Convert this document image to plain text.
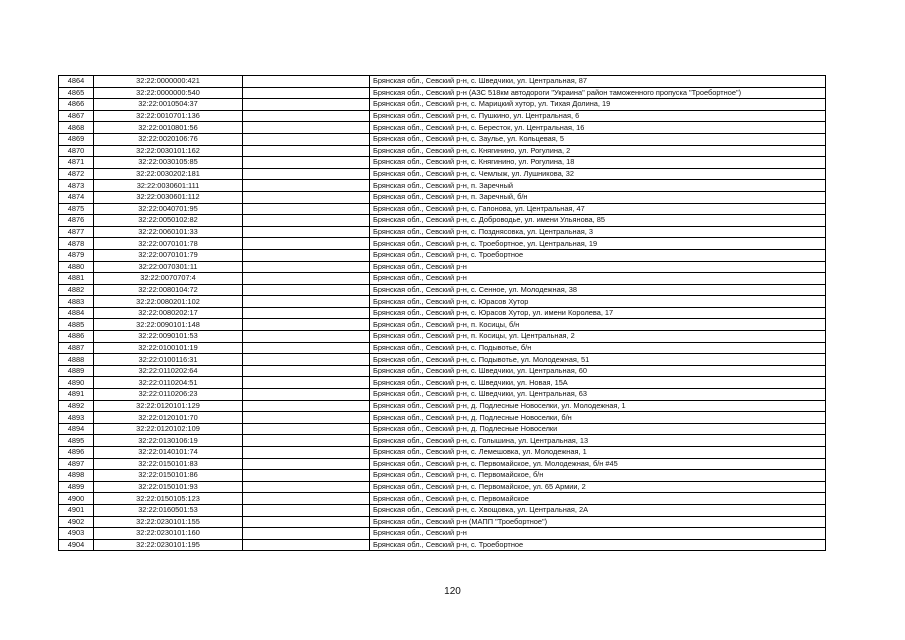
4864	32:22:0000000:421		Брянская обл., Севский р-н, с. Шведчики, ул. Центральная, 87
4865	32:22:0000000:540		Брянская обл., Севский р-н (АЗС 518км автодороги "Украина" район таможенного пропуска "Троебортное")
4866	32:22:0010504:37		Брянская обл., Севский р-н, с. Марицкий хутор, ул. Тихая Долина, 19
4867	32:22:0010701:136		Брянская обл., Севский р-н, с. Пушкино, ул. Центральная, 6
4868	32:22:0010801:56		Брянская обл., Севский р-н, с. Бересток, ул. Центральная, 16
4869	32:22:0020106:76		Брянская обл., Севский р-н, с. Заулье, ул. Кольцевая, 5
4870	32:22:0030101:162		Брянская обл., Севский р-н, с. Княгинино, ул. Рогулина, 2
4871	32:22:0030105:85		Брянская обл., Севский р-н, с. Княгинино, ул. Рогулина, 18
4872	32:22:0030202:181		Брянская обл., Севский р-н, с. Чемлыж, ул. Лушникова, 32
4873	32:22:0030601:111		Брянская обл., Севский р-н, п. Заречный
4874	32:22:0030601:112		Брянская обл., Севский р-н, п. Заречный, б/н
4875	32:22:0040701:95		Брянская обл., Севский р-н, с. Гапонова, ул. Центральная, 47
4876	32:22:0050102:82		Брянская обл., Севский р-н, с. Доброводье, ул. имени Ульянова, 85
4877	32:22:0060101:33		Брянская обл., Севский р-н, с. Позднясовка, ул. Центральная, 3
4878	32:22:0070101:78		Брянская обл., Севский р-н, с. Троебортное, ул. Центральная, 19
4879	32:22:0070101:79		Брянская обл., Севский р-н, с. Троебортное
4880	32:22:0070301:11		Брянская обл., Севский р-н
4881	32:22:0070707:4		Брянская обл., Севский р-н
4882	32:22:0080104:72		Брянская обл., Севский р-н, с. Сенное, ул. Молодежная, 38
4883	32:22:0080201:102		Брянская обл., Севский р-н, с. Юрасов Хутор
4884	32:22:0080202:17		Брянская обл., Севский р-н, с. Юрасов Хутор, ул. имени Королева, 17
4885	32:22:0090101:148		Брянская обл., Севский р-н, п. Косицы, б/н
4886	32:22:0090101:53		Брянская обл., Севский р-н, п. Косицы, ул. Центральная, 2
4887	32:22:0100101:19		Брянская обл., Севский р-н, с. Подывотье, б/н
4888	32:22:0100116:31		Брянская обл., Севский р-н, с. Подывотье, ул. Молодежная, 51
4889	32:22:0110202:64		Брянская обл., Севский р-н, с. Шведчики, ул. Центральная, 60
4890	32:22:0110204:51		Брянская обл., Севский р-н, с. Шведчики, ул. Новая, 15А
4891	32:22:0110206:23		Брянская обл., Севский р-н, с. Шведчики, ул. Центральная, 63
4892	32:22:0120101:129		Брянская обл., Севский р-н, д. Подлесные Новоселки, ул. Молодежная, 1
4893	32:22:0120101:70		Брянская обл., Севский р-н, д. Подлесные Новоселки, б/н
4894	32:22:0120102:109		Брянская обл., Севский р-н, д. Подлесные Новоселки
4895	32:22:0130106:19		Брянская обл., Севский р-н, с. Голышина, ул. Центральная, 13
4896	32:22:0140101:74		Брянская обл., Севский р-н, с. Лемешовка, ул. Молодежная, 1
4897	32:22:0150101:83		Брянская обл., Севский р-н, с. Первомайское, ул. Молодежная, б/н #45
4898	32:22:0150101:86		Брянская обл., Севский р-н, с. Первомайское, б/н
4899	32:22:0150101:93		Брянская обл., Севский р-н, с. Первомайское, ул. 65 Армии, 2
4900	32:22:0150105:123		Брянская обл., Севский р-н, с. Первомайское
4901	32:22:0160501:53		Брянская обл., Севский р-н, с. Хвощовка, ул. Центральная, 2А
4902	32:22:0230101:155		Брянская обл., Севский р-н (МАПП "Троебортное")
4903	32:22:0230101:160		Брянская обл., Севский р-н
4904	32:22:0230101:195		Брянская обл., Севский р-н, с. Троебортное
120
